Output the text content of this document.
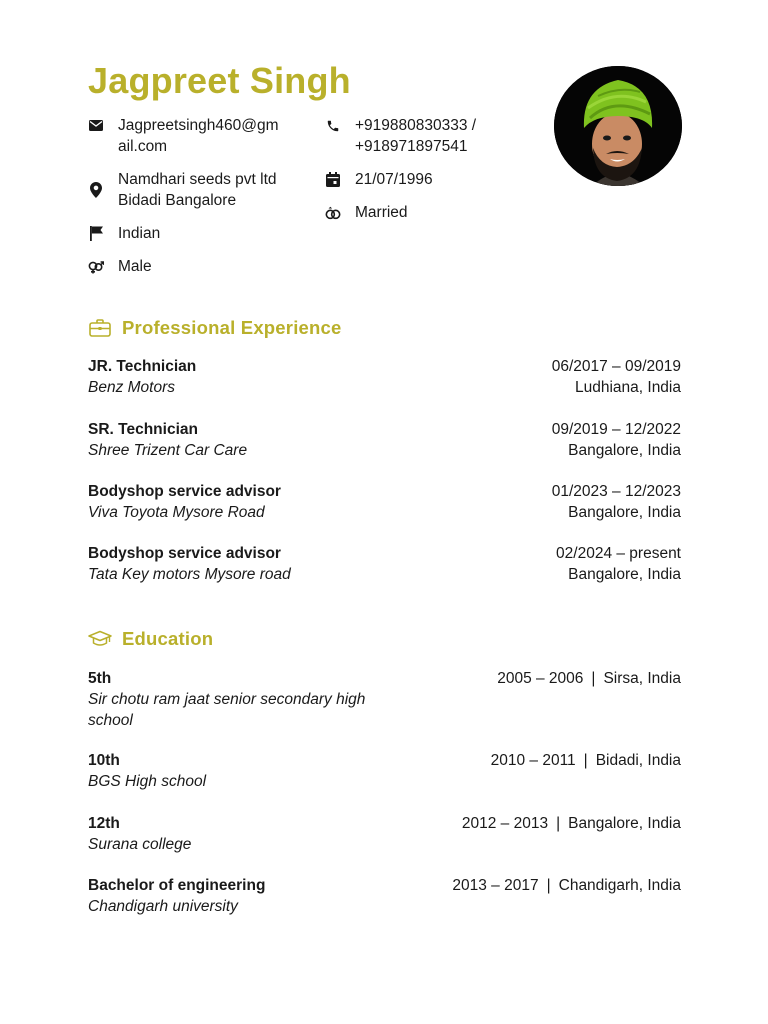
Jagpreet Singh
Jagpreetsingh460@gm
ail.com
+919880830333 /
+918971897541
Namdhari seeds pvt ltd
Bidadi Bangalore
21/07/1996
Married
Indian
Male
Professional Experience
JR. Technician
Benz Motors
06/2017 – 09/2019
Ludhiana, India
SR. Technician
Shree Trizent Car Care
09/2019 – 12/2022
Bangalore, India
Bodyshop service advisor
Viva Toyota Mysore Road
01/2023 – 12/2023
Bangalore, India
Bodyshop service advisor
Tata Key motors Mysore road
02/2024 – present
Bangalore, India
Education
5th
Sir chotu ram jaat senior secondary high school
2005 – 2006 | Sirsa, India
10th
BGS High school
2010 – 2011 | Bidadi, India
12th
Surana college
2012 – 2013 | Bangalore, India
Bachelor of engineering
Chandigarh university
2013 – 2017 | Chandigarh, India
